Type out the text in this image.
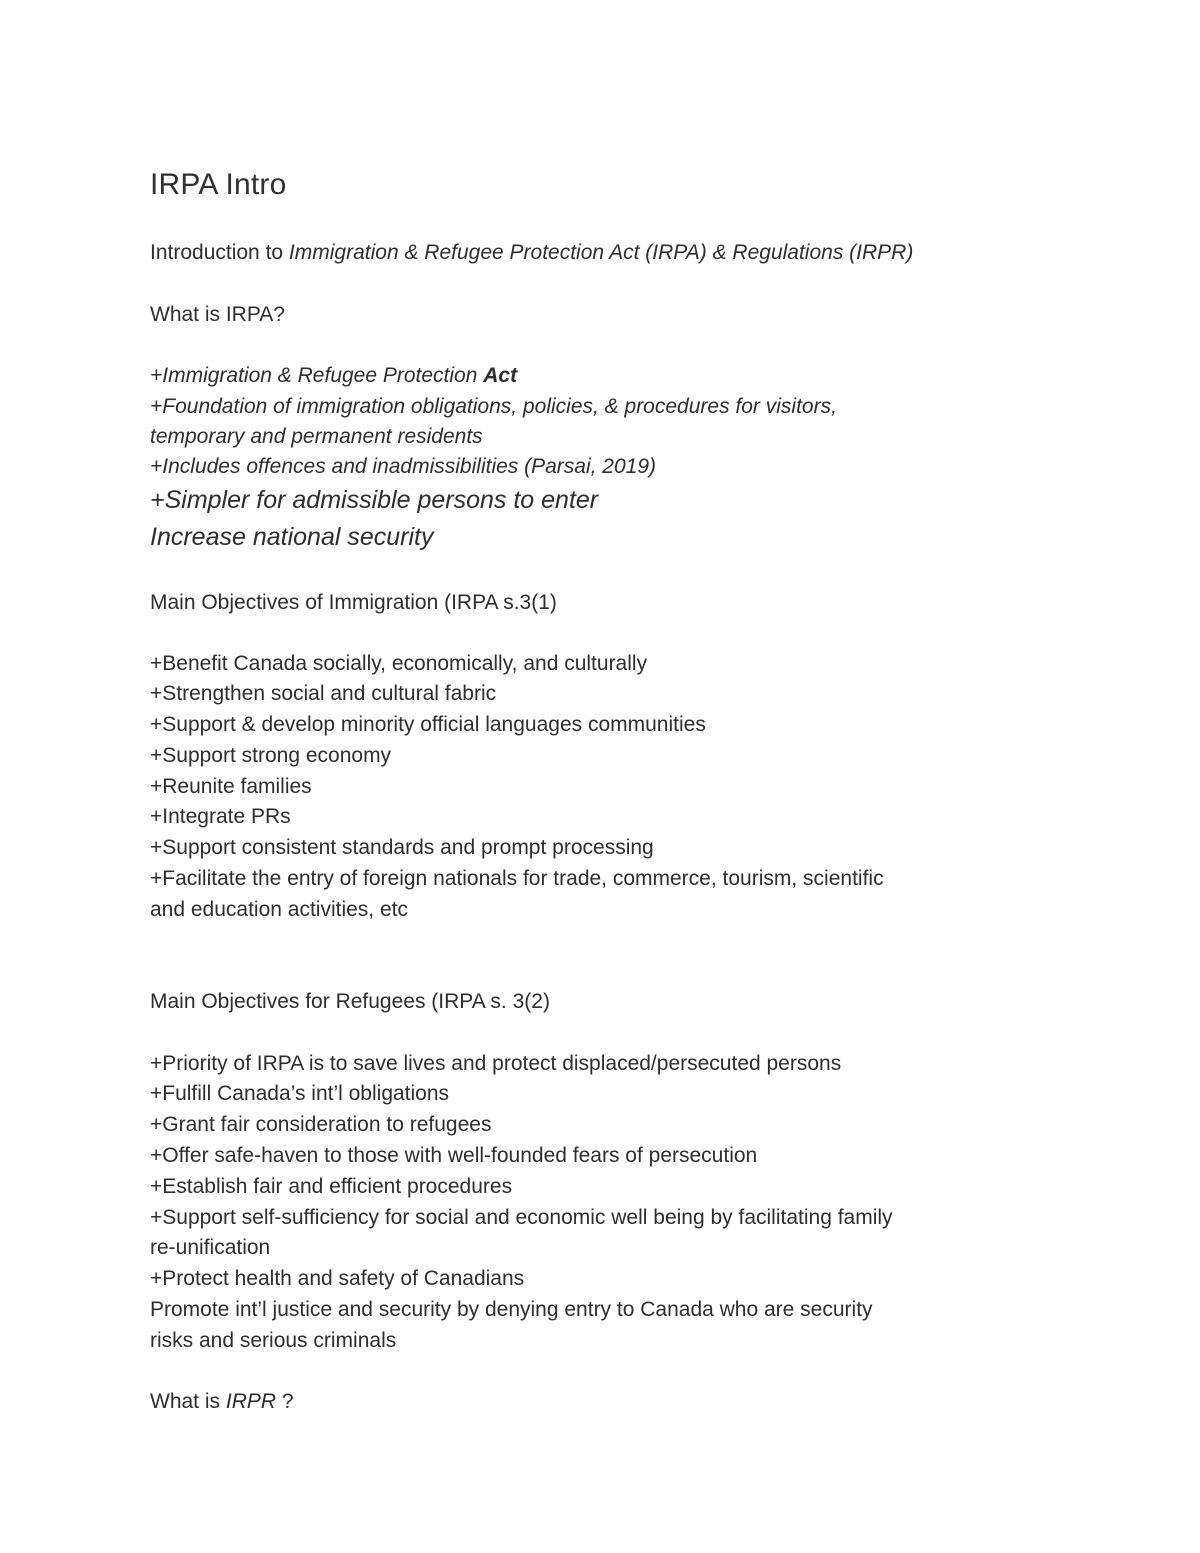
IRPA Intro
Introduction to Immigration & Refugee Protection Act (IRPA) & Regulations (IRPR)
What is IRPA?
+Immigration & Refugee Protection Act
+Foundation of immigration obligations, policies, & procedures for visitors,
temporary and permanent residents
+Includes offences and inadmissibilities (Parsai, 2019)
+Simpler for admissible persons to enter
Increase national security
Main Objectives of Immigration (IRPA s.3(1)
+Benefit Canada socially, economically, and culturally
+Strengthen social and cultural fabric
+Support & develop minority official languages communities
+Support strong economy
+Reunite families
+Integrate PRs
+Support consistent standards and prompt processing
+Facilitate the entry of foreign nationals for trade, commerce, tourism, scientific
and education activities, etc
Main Objectives for Refugees (IRPA s. 3(2)
+Priority of IRPA is to save lives and protect displaced/persecuted persons
+Fulfill Canada’s int’l obligations
+Grant fair consideration to refugees
+Offer safe-haven to those with well-founded fears of persecution
+Establish fair and efficient procedures
+Support self-sufficiency for social and economic well being by facilitating family
re-unification
+Protect health and safety of Canadians
Promote int’l justice and security by denying entry to Canada who are security
risks and serious criminals
What is IRPR ?
